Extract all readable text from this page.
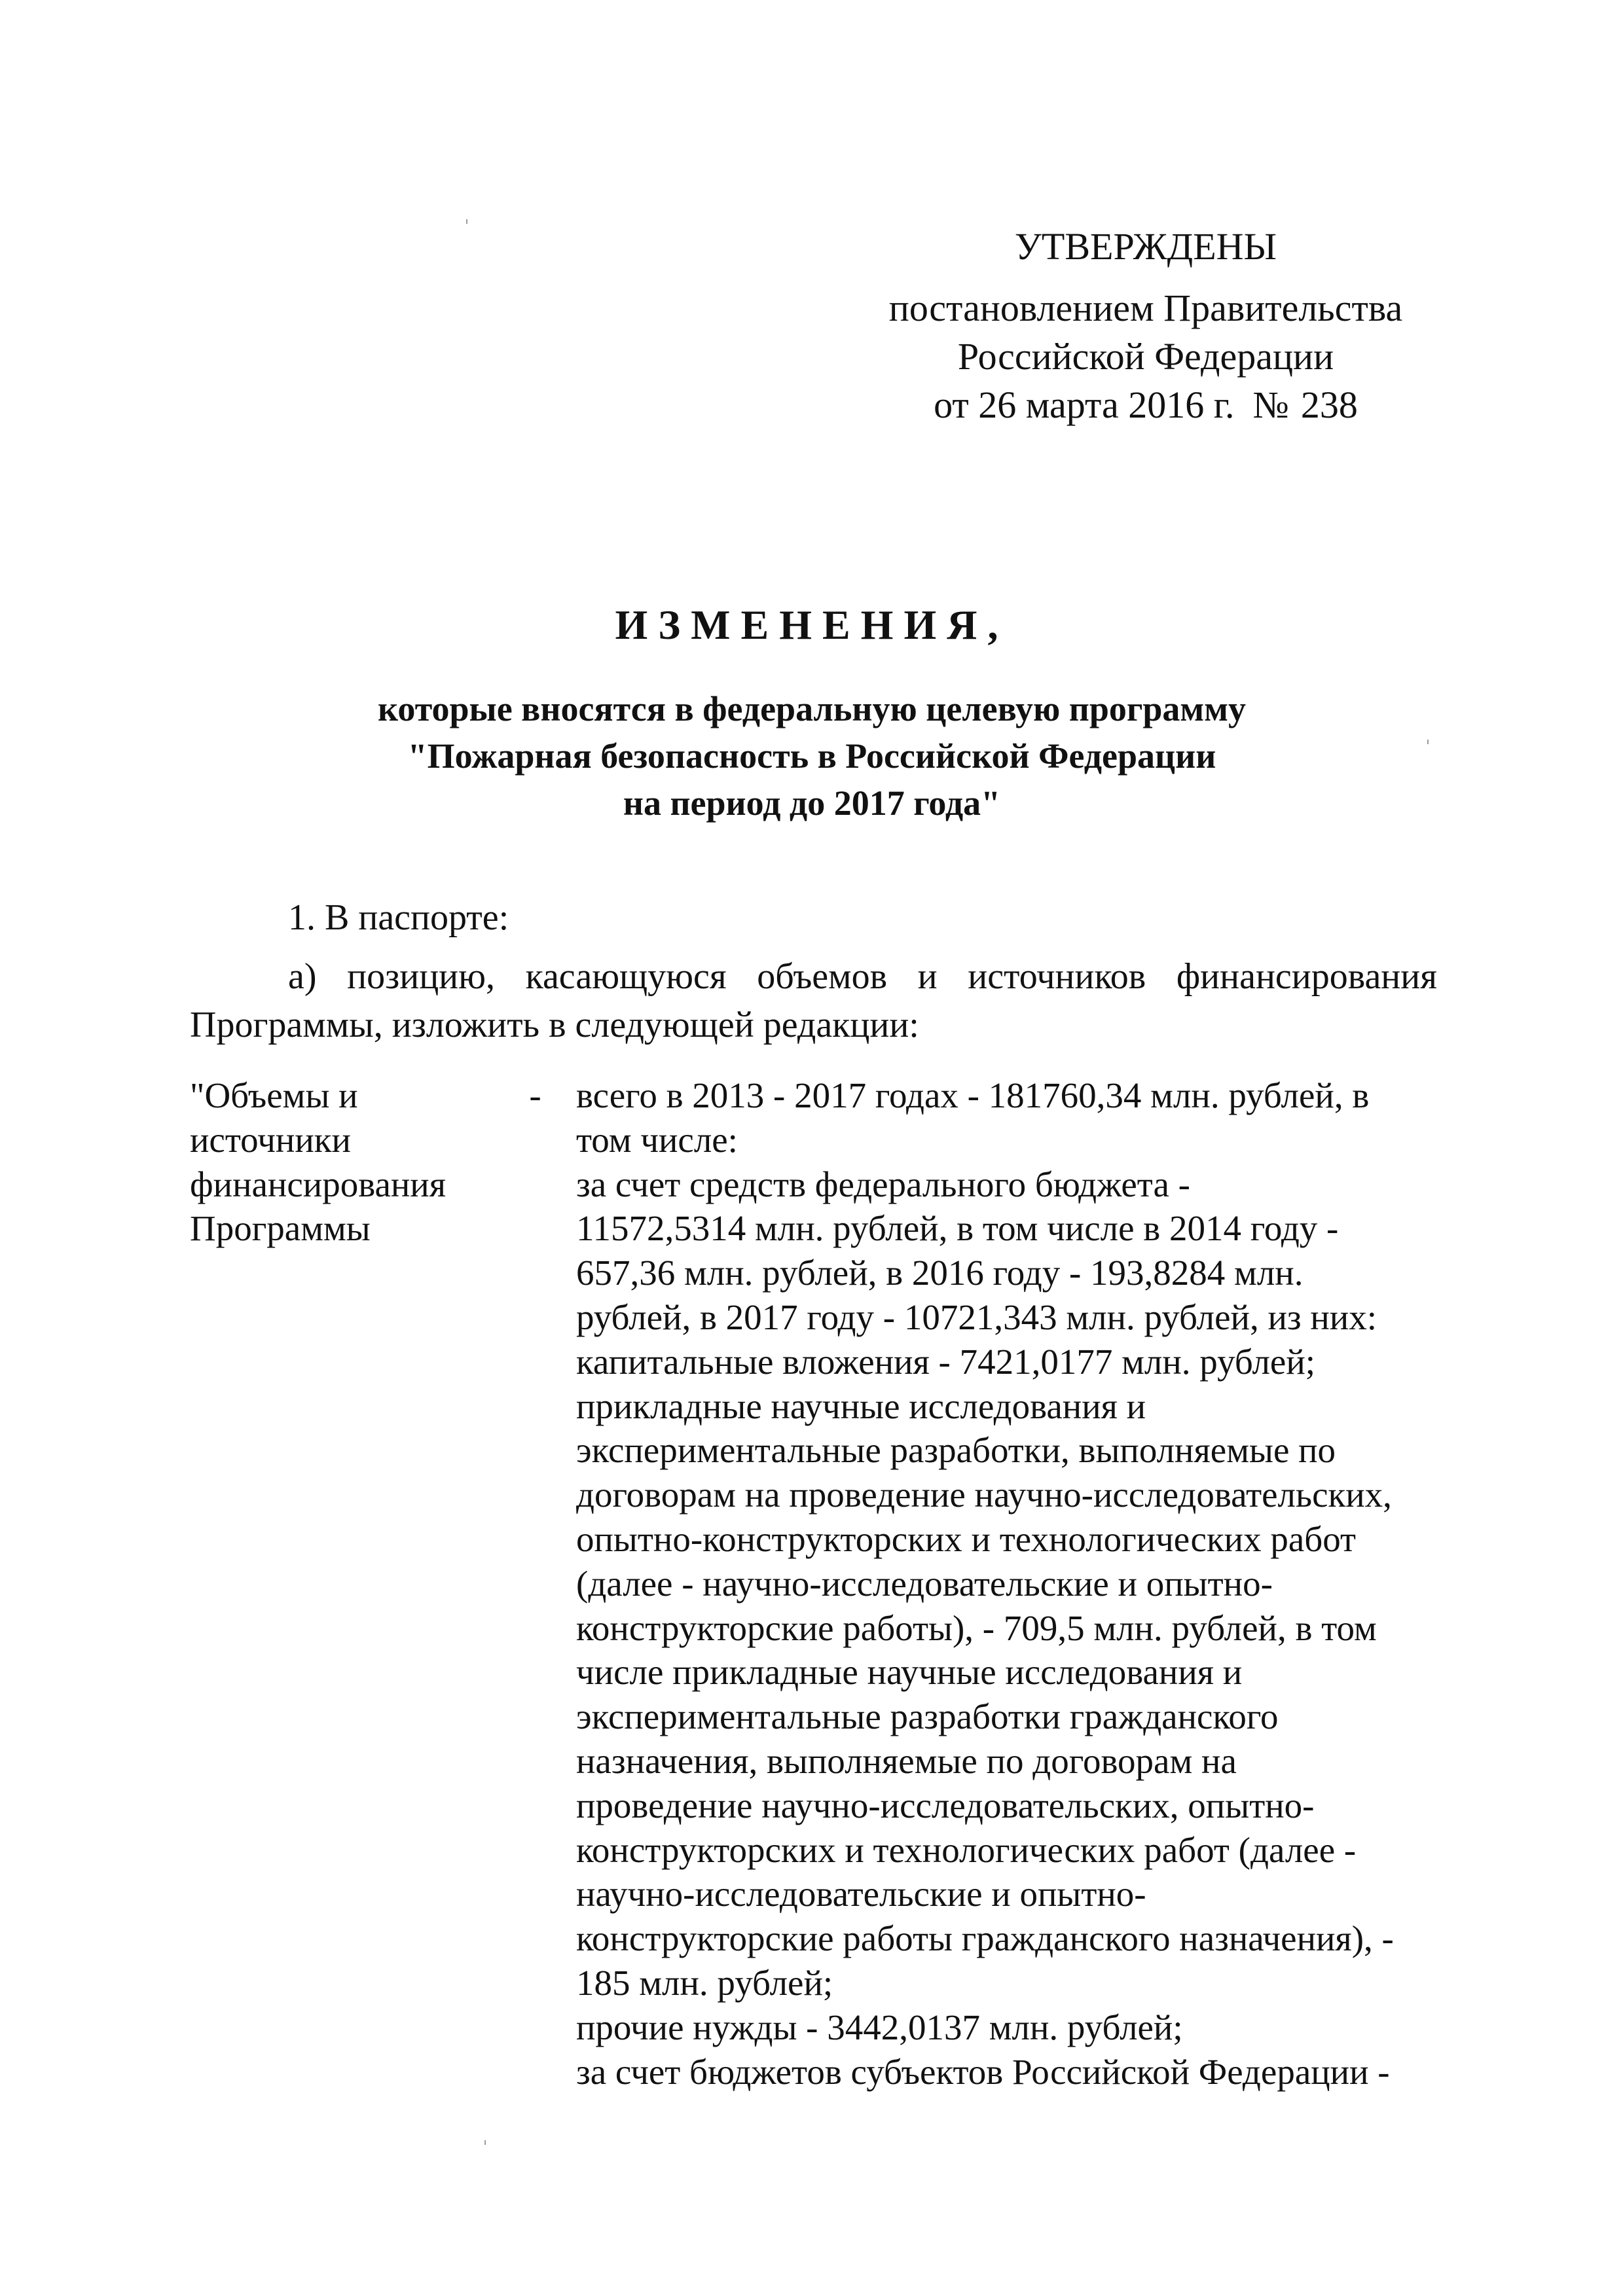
УТВЕРЖДЕНЫ
постановлением Правительства
Российской Федерации
от 26 марта 2016 г. № 238
ИЗМЕНЕНИЯ,
которые вносятся в федеральную целевую программу
"Пожарная безопасность в Российской Федерации
на период до 2017 года"
1. В паспорте:
а) позицию, касающуюся объемов и источников финансирования Программы, изложить в следующей редакции:
"Объемы и
источники
финансирования
Программы
- всего в 2013 - 2017 годах - 181760,34 млн. рублей, в
том числе:
за счет средств федерального бюджета -
11572,5314 млн. рублей, в том числе в 2014 году -
657,36 млн. рублей, в 2016 году - 193,8284 млн.
рублей, в 2017 году - 10721,343 млн. рублей, из них:
капитальные вложения - 7421,0177 млн. рублей;
прикладные научные исследования и
экспериментальные разработки, выполняемые по
договорам на проведение научно-исследовательских,
опытно-конструкторских и технологических работ
(далее - научно-исследовательские и опытно-
конструкторские работы), - 709,5 млн. рублей, в том
числе прикладные научные исследования и
экспериментальные разработки гражданского
назначения, выполняемые по договорам на
проведение научно-исследовательских, опытно-
конструкторских и технологических работ (далее -
научно-исследовательские и опытно-
конструкторские работы гражданского назначения), -
185 млн. рублей;
прочие нужды - 3442,0137 млн. рублей;
за счет бюджетов субъектов Российской Федерации -
